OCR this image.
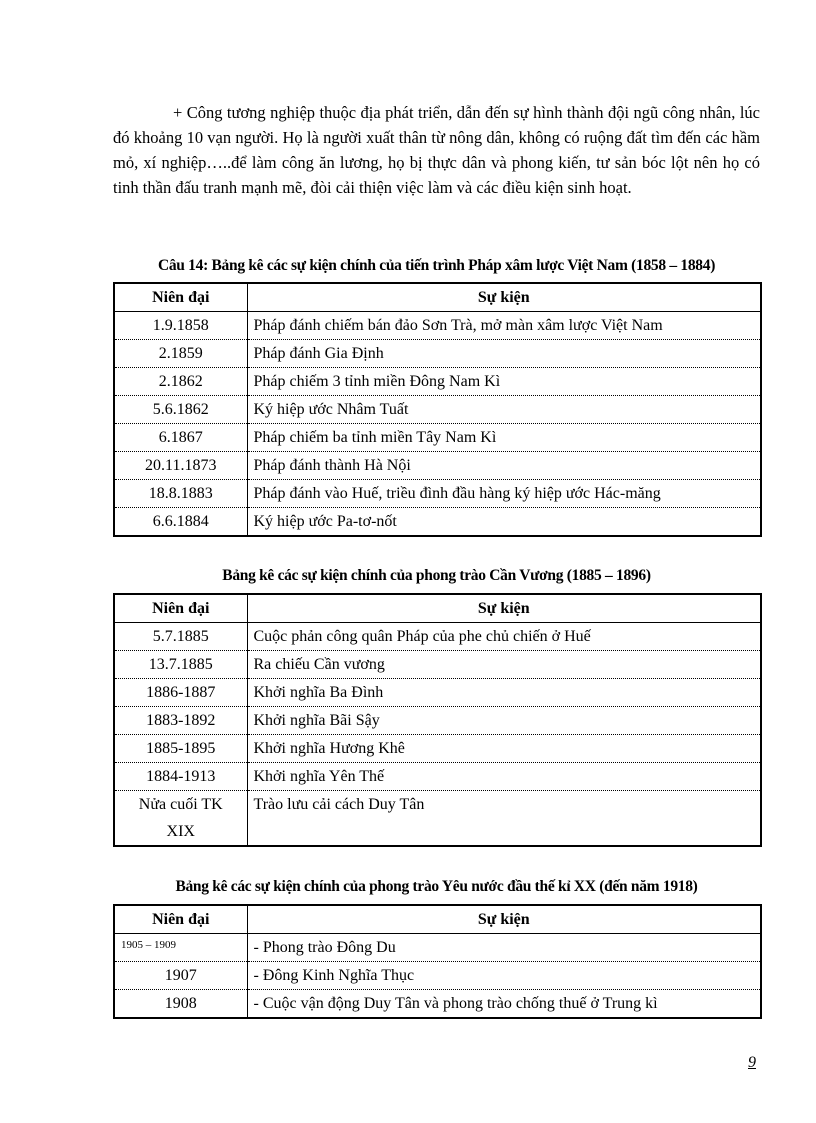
+ Công tương nghiệp thuộc địa phát triển, dẫn đến sự hình thành đội ngũ công nhân, lúc đó khoảng 10 vạn người. Họ là người xuất thân từ nông dân, không có ruộng đất tìm đến các hầm mỏ, xí nghiệp…..để làm công ăn lương, họ bị thực dân và phong kiến, tư sản bóc lột nên họ có tinh thần đấu tranh mạnh mẽ, đòi cải thiện việc làm và các điều kiện sinh hoạt.

Câu 14: Bảng kê các sự kiện chính của tiến trình Pháp xâm lược Việt Nam (1858 – 1884)
Niên đại	Sự kiện
1.9.1858	Pháp đánh chiếm bán đảo Sơn Trà, mở màn xâm lược Việt Nam
2.1859	Pháp đánh Gia Định
2.1862	Pháp chiếm 3 tỉnh miền Đông Nam Kì
5.6.1862	Ký hiệp ước Nhâm Tuất
6.1867	Pháp chiếm ba tỉnh miền Tây Nam Kì
20.11.1873	Pháp đánh thành Hà Nội
18.8.1883	Pháp đánh vào Huế, triều đình đầu hàng ký hiệp ước Hác-măng
6.6.1884	Ký hiệp ước Pa-tơ-nốt
Bảng kê các sự kiện chính của phong trào Cần Vương (1885 – 1896)
Niên đại	Sự kiện
5.7.1885	Cuộc phản công quân Pháp của phe chủ chiến ở Huế
13.7.1885	Ra chiếu Cần vương
1886-1887	Khởi nghĩa Ba Đình
1883-1892	Khởi nghĩa Bãi Sậy
1885-1895	Khởi nghĩa Hương Khê
1884-1913	Khởi nghĩa Yên Thế
Nửa cuối TK XIX	Trào lưu cải cách Duy Tân
Bảng kê các sự kiện chính của phong trào Yêu nước đầu thế kỉ XX (đến năm 1918)
Niên đại	Sự kiện
1905 – 1909	- Phong trào Đông Du
1907	- Đông Kinh Nghĩa Thục
1908	- Cuộc vận động Duy Tân và phong trào chống thuế ở Trung kì
9
